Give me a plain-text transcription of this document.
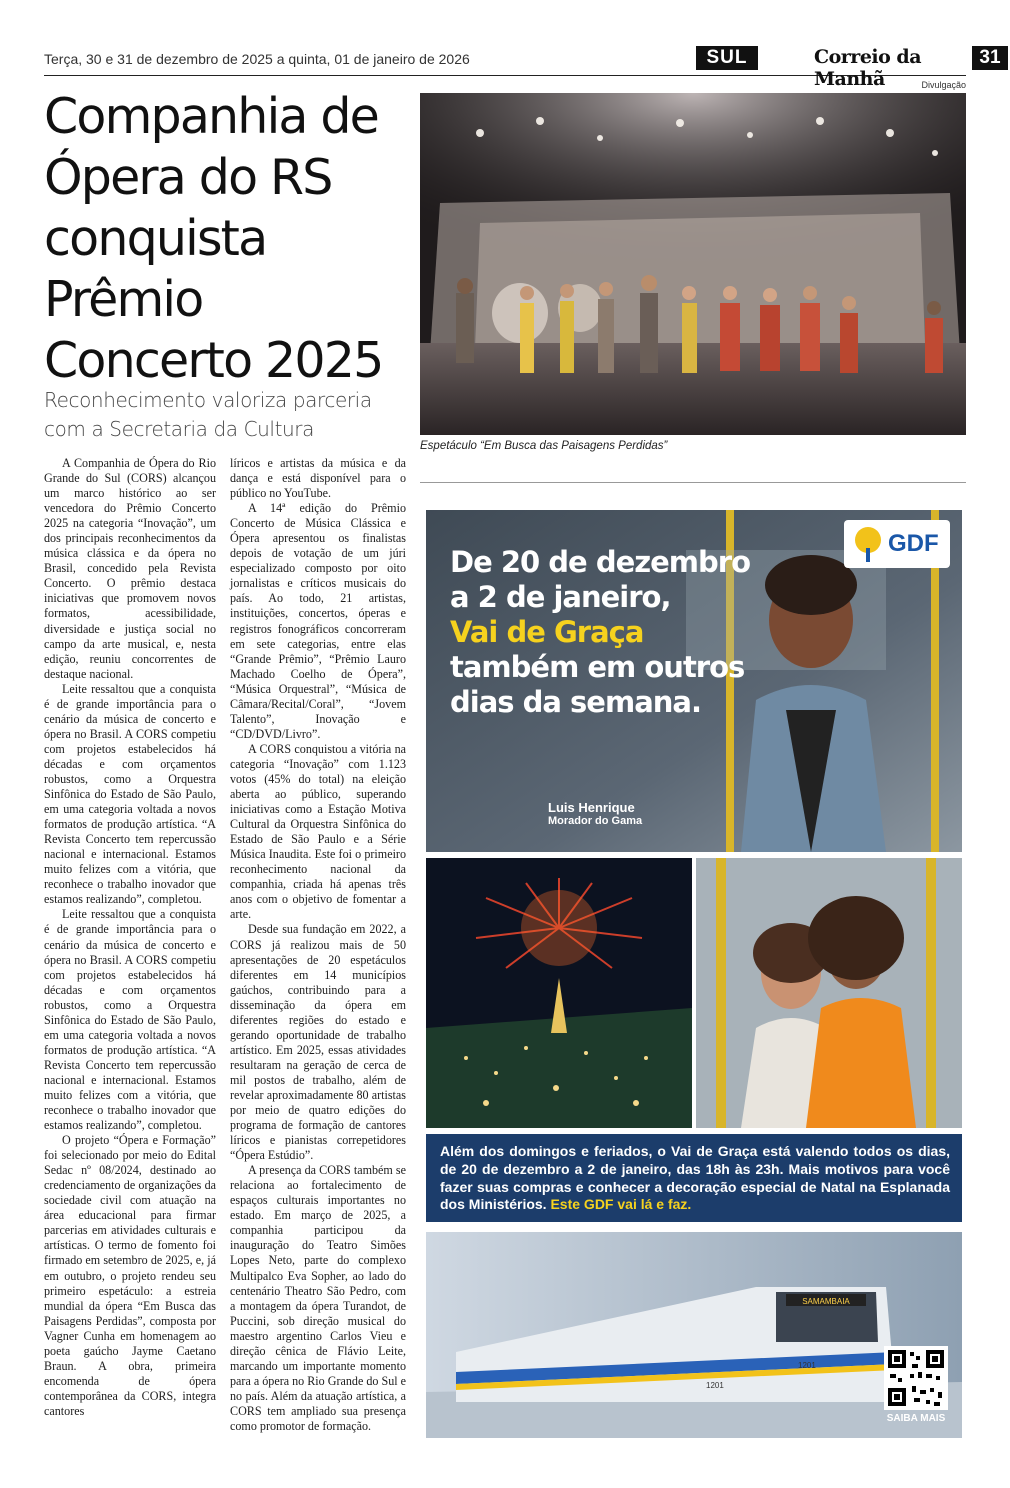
Terça, 30 e 31 de dezembro de 2025 a quinta, 01 de janeiro de 2026	SUL	Correio da Manhã
31
Companhia de Ópera do RS conquista Prêmio Concerto 2025
Reconhecimento valoriza parceria com a Secretaria da Cultura

A Companhia de Ópera do Rio Grande do Sul (CORS) alcançou um marco histórico ao ser vencedora do Prêmio Concerto 2025 na categoria “Inovação”, um dos principais reconhecimentos da música clássica e da ópera no Brasil, concedido pela Revista Concerto. O prêmio destaca iniciativas que promovem novos formatos, acessibilidade, diversidade e justiça social no campo da arte musical, e, nesta edição, reuniu concorrentes de destaque nacional.

Leite ressaltou que a conquista é de grande importância para o cenário da música de concerto e ópera no Brasil. A CORS competiu com projetos estabelecidos há décadas e com orçamentos robustos, como a Orquestra Sinfônica do Estado de São Paulo, em uma categoria voltada a novos formatos de produção artística. “A Revista Concerto tem repercussão nacional e internacional. Estamos muito felizes com a vitória, que reconhece o trabalho inovador que estamos realizando”, completou.

Leite ressaltou que a conquista é de grande importância para o cenário da música de concerto e ópera no Brasil. A CORS competiu com projetos estabelecidos há décadas e com orçamentos robustos, como a Orquestra Sinfônica do Estado de São Paulo, em uma categoria voltada a novos formatos de produção artística. “A Revista Concerto tem repercussão nacional e internacional. Estamos muito felizes com a vitória, que reconhece o trabalho inovador que estamos realizando”, completou.

O projeto “Ópera e Formação” foi selecionado por meio do Edital Sedac nº 08/2024, destinado ao credenciamento de organizações da sociedade civil com atuação na área educacional para firmar parcerias em atividades culturais e artísticas. O termo de fomento foi firmado em setembro de 2025, e, já em outubro, o projeto rendeu seu primeiro espetáculo: a estreia mundial da ópera “Em Busca das Paisagens Perdidas”, composta por Vagner Cunha em homenagem ao poeta gaúcho Jayme Caetano Braun. A obra, primeira encomenda de ópera contemporânea da CORS, integra cantores

líricos e artistas da música e da dança e está disponível para o público no YouTube.

A 14ª edição do Prêmio Concerto de Música Clássica e Ópera apresentou os finalistas depois de votação de um júri especializado composto por oito jornalistas e críticos musicais do país. Ao todo, 21 artistas, instituições, concertos, óperas e registros fonográficos concorreram em sete categorias, entre elas “Grande Prêmio”, “Prêmio Lauro Machado Coelho de Ópera”, “Música Orquestral”, “Música de Câmara/Recital/Coral”, “Jovem Talento”, Inovação e “CD/DVD/Livro”.

A CORS conquistou a vitória na categoria “Inovação” com 1.123 votos (45% do total) na eleição aberta ao público, superando iniciativas como a Estação Motiva Cultural da Orquestra Sinfônica do Estado de São Paulo e a Série Música Inaudita. Este foi o primeiro reconhecimento nacional da companhia, criada há apenas três anos com o objetivo de fomentar a arte.

Desde sua fundação em 2022, a CORS já realizou mais de 50 apresentações de 20 espetáculos diferentes em 14 municípios gaúchos, contribuindo para a disseminação da ópera em diferentes regiões do estado e gerando oportunidade de trabalho artístico. Em 2025, essas atividades resultaram na geração de cerca de mil postos de trabalho, além de revelar aproximadamente 80 artistas por meio de quatro edições do programa de formação de cantores líricos e pianistas correpetidores “Ópera Estúdio”.

A presença da CORS também se relaciona ao fortalecimento de espaços culturais importantes no estado. Em março de 2025, a companhia participou da inauguração do Teatro Simões Lopes Neto, parte do complexo Multipalco Eva Sopher, ao lado do centenário Theatro São Pedro, com a montagem da ópera Turandot, de Puccini, sob direção musical do maestro argentino Carlos Vieu e direção cênica de Flávio Leite, marcando um importante momento para a ópera no Rio Grande do Sul e no país. Além da atuação artística, a CORS tem ampliado sua presença como promotor de formação.

Divulgação
Espetáculo “Em Busca das Paisagens Perdidas”
GDF
De 20 de dezembro
a 2 de janeiro,
Vai de Graça
também em outros
dias da semana.
Luis Henrique
Morador do Gama
Além dos domingos e feriados, o Vai de Graça está valendo todos os dias, de 20 de dezembro a 2 de janeiro, das 18h às 23h. Mais motivos para você fazer suas compras e conhecer a decoração especial de Natal na Esplanada dos Ministérios. Este GDF vai lá e faz.
SAMAMBAIA
1201
1201
SAIBA MAIS
